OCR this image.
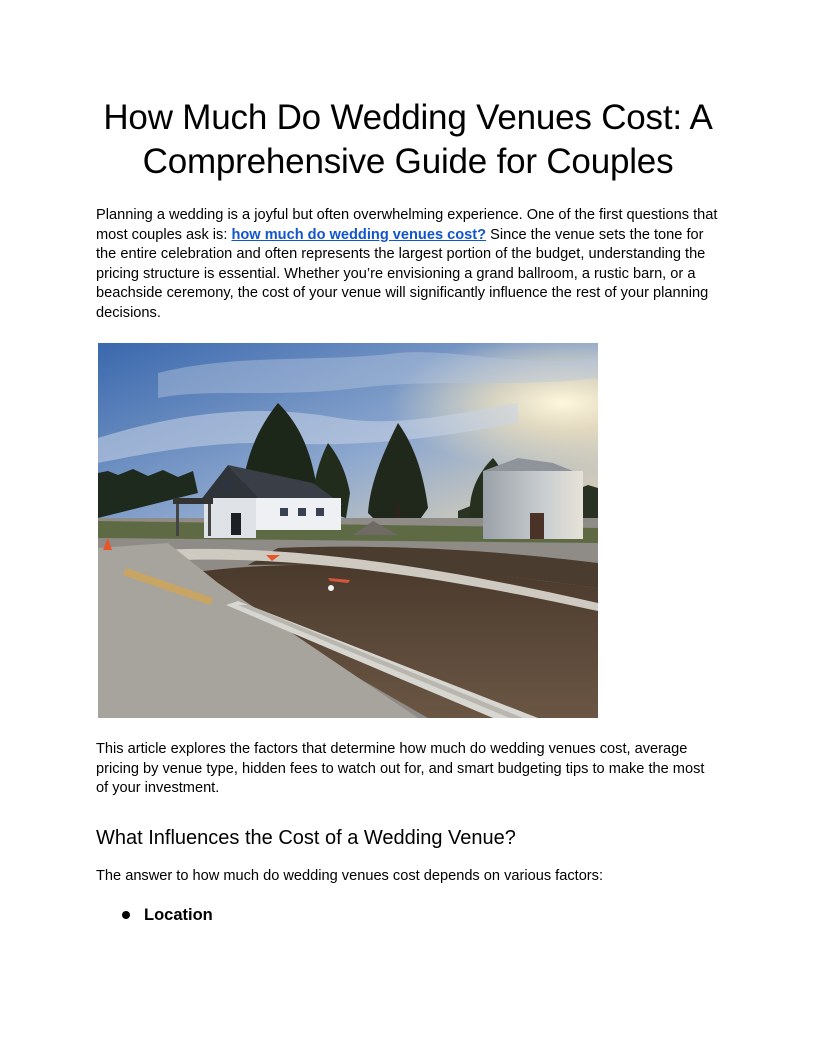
How Much Do Wedding Venues Cost: A Comprehensive Guide for Couples

Planning a wedding is a joyful but often overwhelming experience. One of the first questions that most couples ask is: how much do wedding venues cost? Since the venue sets the tone for the entire celebration and often represents the largest portion of the budget, understanding the pricing structure is essential. Whether you’re envisioning a grand ballroom, a rustic barn, or a beachside ceremony, the cost of your venue will significantly influence the rest of your planning decisions.

This article explores the factors that determine how much do wedding venues cost, average pricing by venue type, hidden fees to watch out for, and smart budgeting tips to make the most of your investment.

What Influences the Cost of a Wedding Venue?

The answer to how much do wedding venues cost depends on various factors:

Location
